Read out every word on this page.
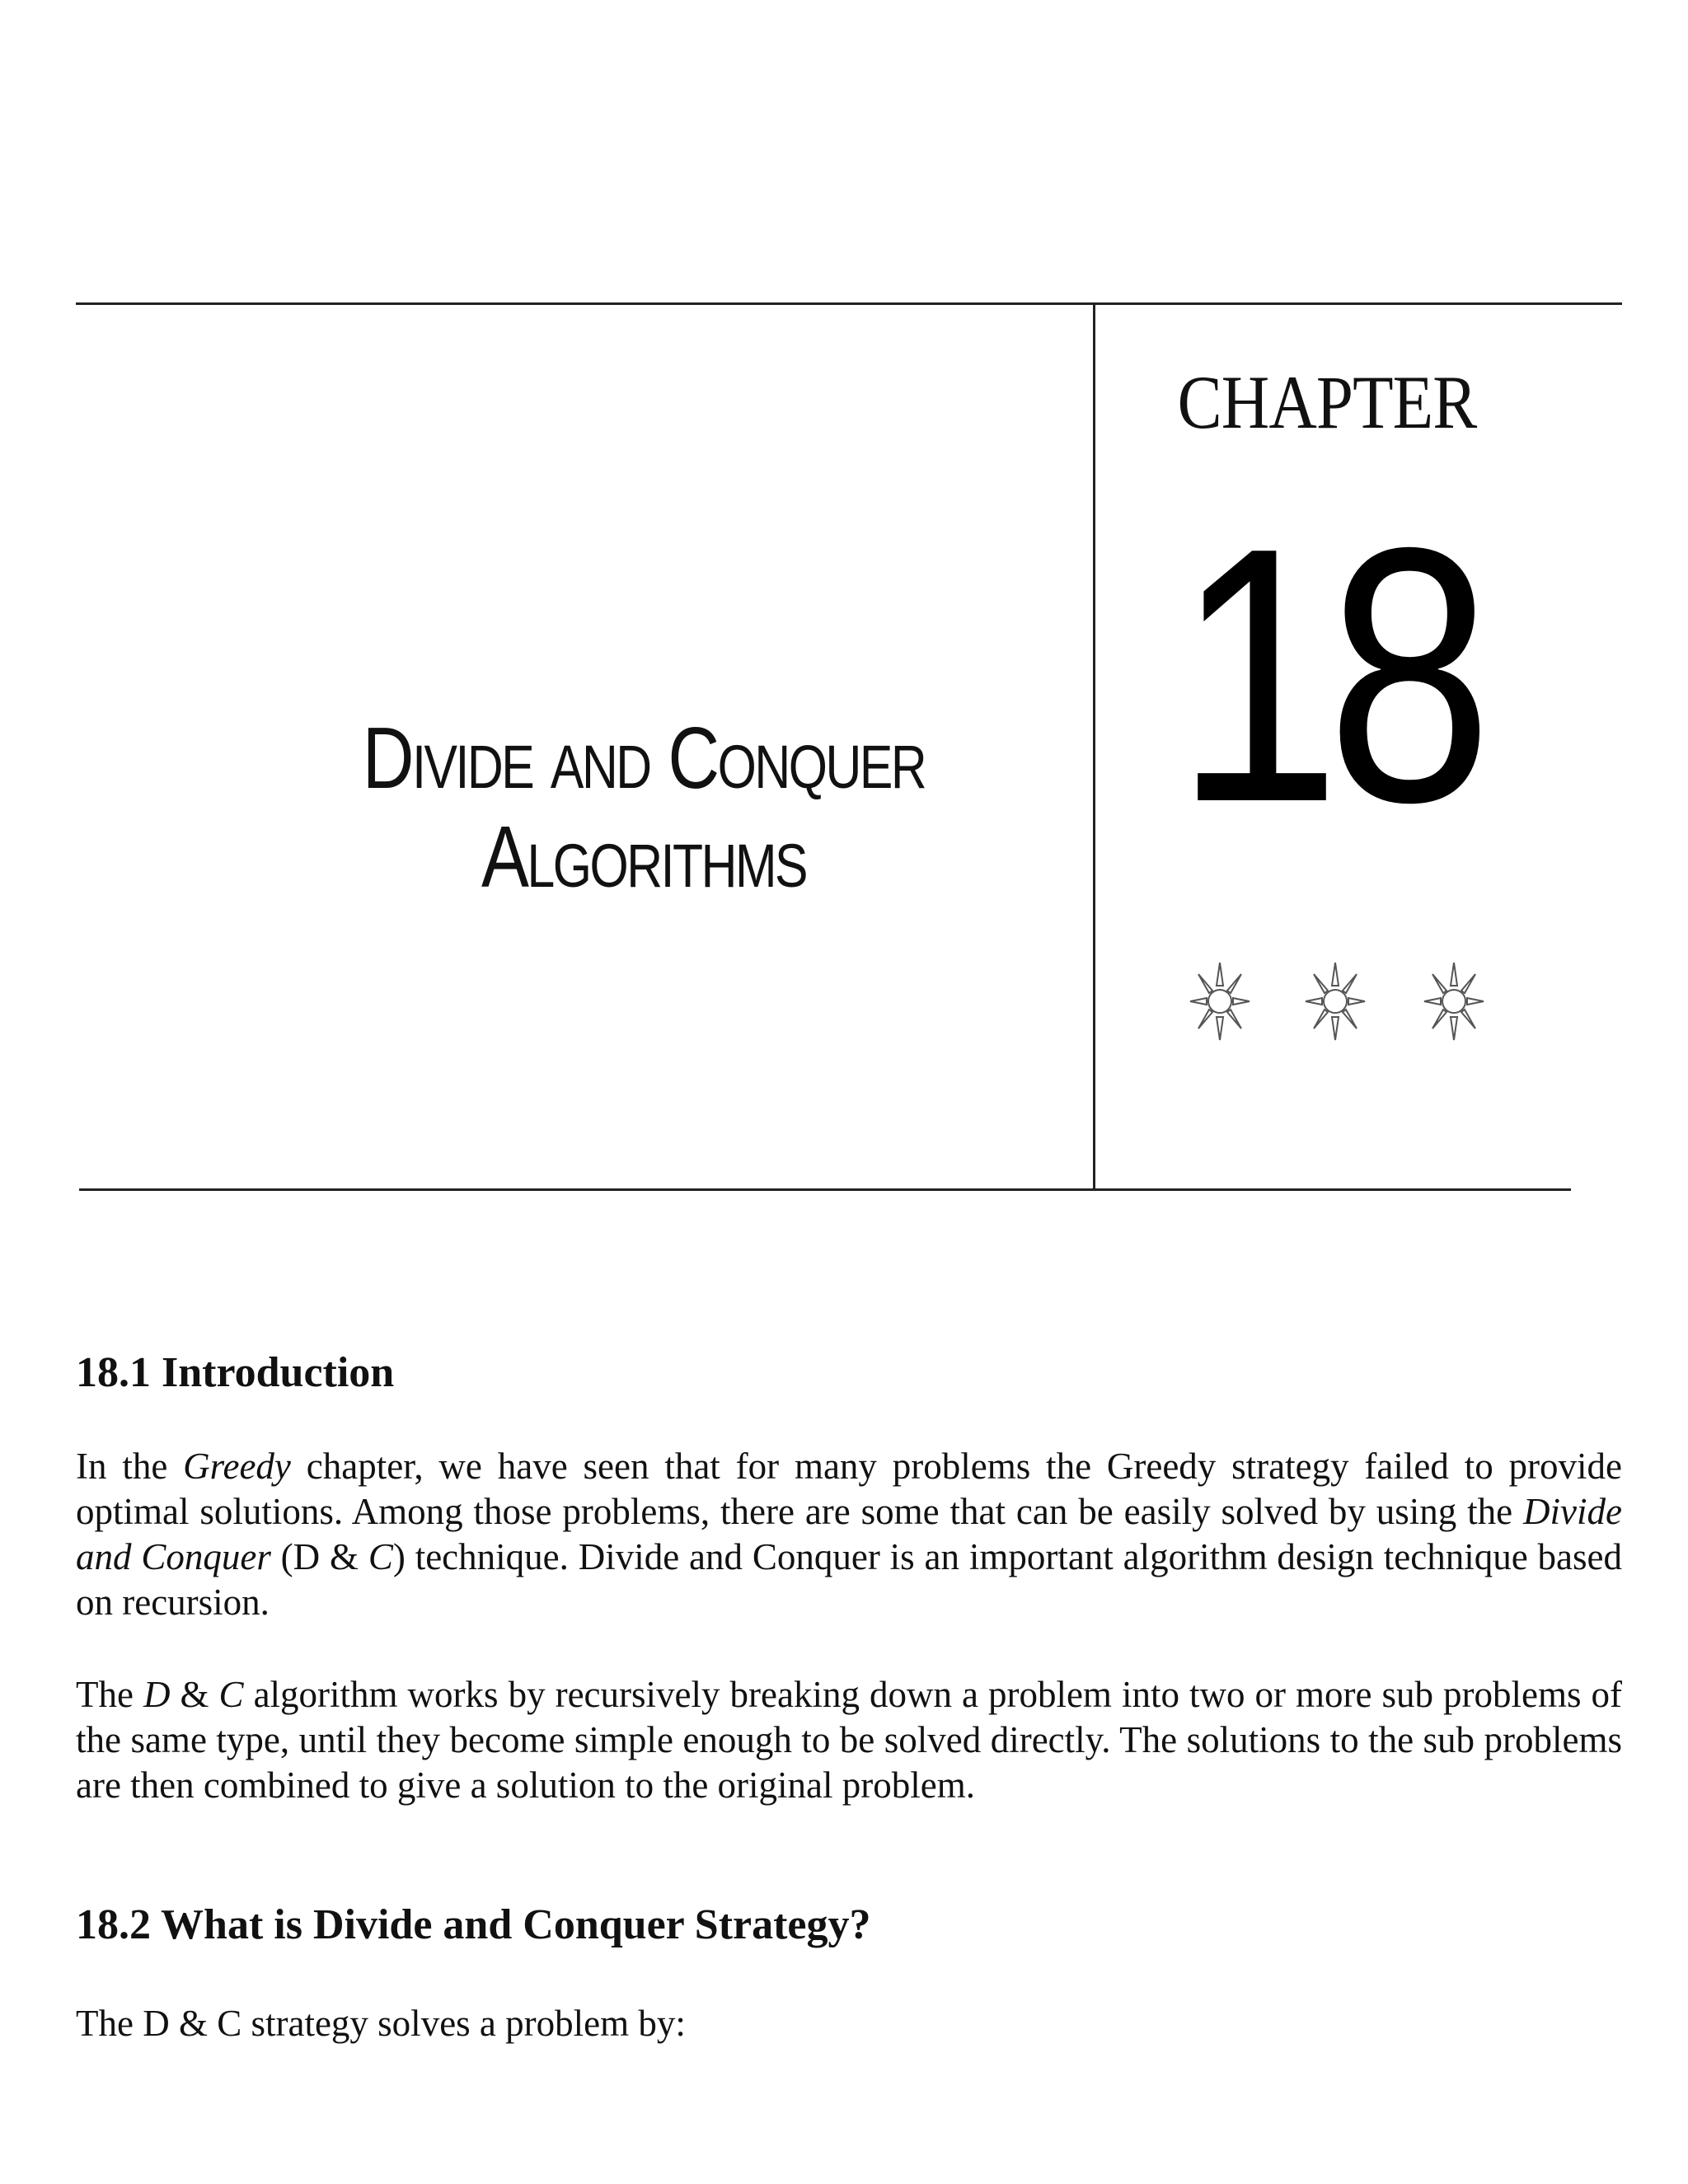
Divide and Conquer
Algorithms
CHAPTER
18
18.1 Introduction

In the Greedy chapter, we have seen that for many problems the Greedy strategy failed to provide optimal solutions. Among those problems, there are some that can be easily solved by using the Divide and Conquer (D & C) technique. Divide and Conquer is an important algorithm design technique based on recursion.

The D & C algorithm works by recursively breaking down a problem into two or more sub problems of the same type, until they become simple enough to be solved directly. The solutions to the sub problems are then combined to give a solution to the original problem.

18.2 What is Divide and Conquer Strategy?

The D & C strategy solves a problem by:
